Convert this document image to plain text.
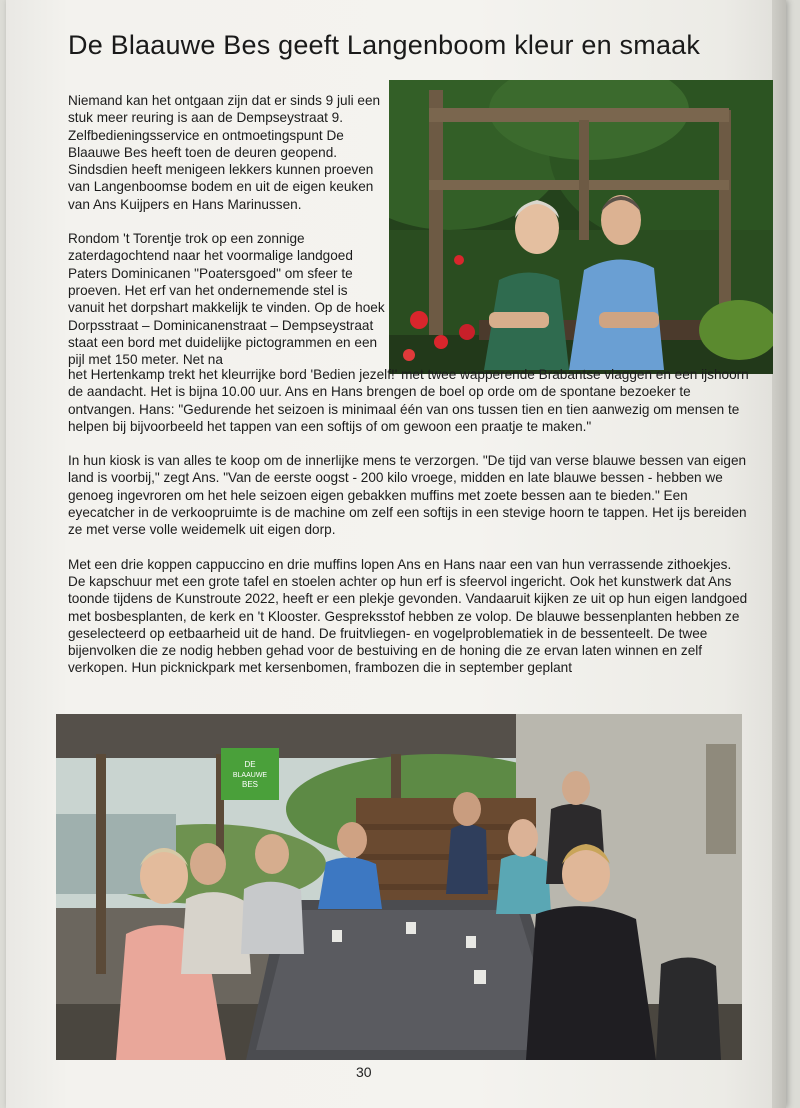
De Blaauwe Bes geeft Langenboom kleur en smaak

Niemand kan het ontgaan zijn dat er sinds 9 juli een stuk meer reuring is aan de Dempseystraat 9. Zelfbedieningsservice en ontmoetingspunt De Blaauwe Bes heeft toen de deuren geopend. Sindsdien heeft menigeen lekkers kunnen proeven van Langenboomse bodem en uit de eigen keuken van Ans Kuijpers en Hans Marinussen.

Rondom 't Torentje trok op een zonnige zaterdagochtend naar het voormalige landgoed Paters Dominicanen "Poatersgoed" om sfeer te proeven. Het erf van het ondernemende stel is vanuit het dorpshart makkelijk te vinden. Op de hoek Dorpsstraat – Dominicanenstraat – Dempseystraat staat een bord met duidelijke pictogrammen en een pijl met 150 meter. Net na

het Hertenkamp trekt het kleurrijke bord 'Bedien jezelf!' met twee wapperende Brabantse vlaggen en een ijshoorn de aandacht. Het is bijna 10.00 uur. Ans en Hans brengen de boel op orde om de spontane bezoeker te ontvangen. Hans: "Gedurende het seizoen is minimaal één van ons tussen tien en tien aanwezig om mensen te helpen bij bijvoorbeeld het tappen van een softijs of om gewoon een praatje te maken."

In hun kiosk is van alles te koop om de innerlijke mens te verzorgen. "De tijd van verse blauwe bessen van eigen land is voorbij," zegt Ans. "Van de eerste oogst - 200 kilo vroege, midden en late blauwe bessen - hebben we genoeg ingevroren om het hele seizoen eigen gebakken muffins met zoete bessen aan te bieden." Een eyecatcher in de verkoopruimte is de machine om zelf een softijs in een stevige hoorn te tappen. Het ijs bereiden ze met verse volle weidemelk uit eigen dorp.

Met een drie koppen cappuccino en drie muffins lopen Ans en Hans naar een van hun verrassende zithoekjes. De kapschuur met een grote tafel en stoelen achter op hun erf is sfeervol ingericht. Ook het kunstwerk dat Ans toonde tijdens de Kunstroute 2022, heeft er een plekje gevonden. Vandaaruit kijken ze uit op hun eigen landgoed met bosbesplanten, de kerk en 't Klooster. Gespreksstof hebben ze volop. De blauwe bessenplanten hebben ze geselecteerd op eetbaarheid uit de hand. De fruitvliegen- en vogelproblematiek in de bessenteelt. De twee bijenvolken die ze nodig hebben gehad voor de bestuiving en de honing die ze ervan laten winnen en zelf verkopen. Hun picknickpark met kersenbomen, frambozen die in september geplant

DE
BLAAUWE
BES
30
